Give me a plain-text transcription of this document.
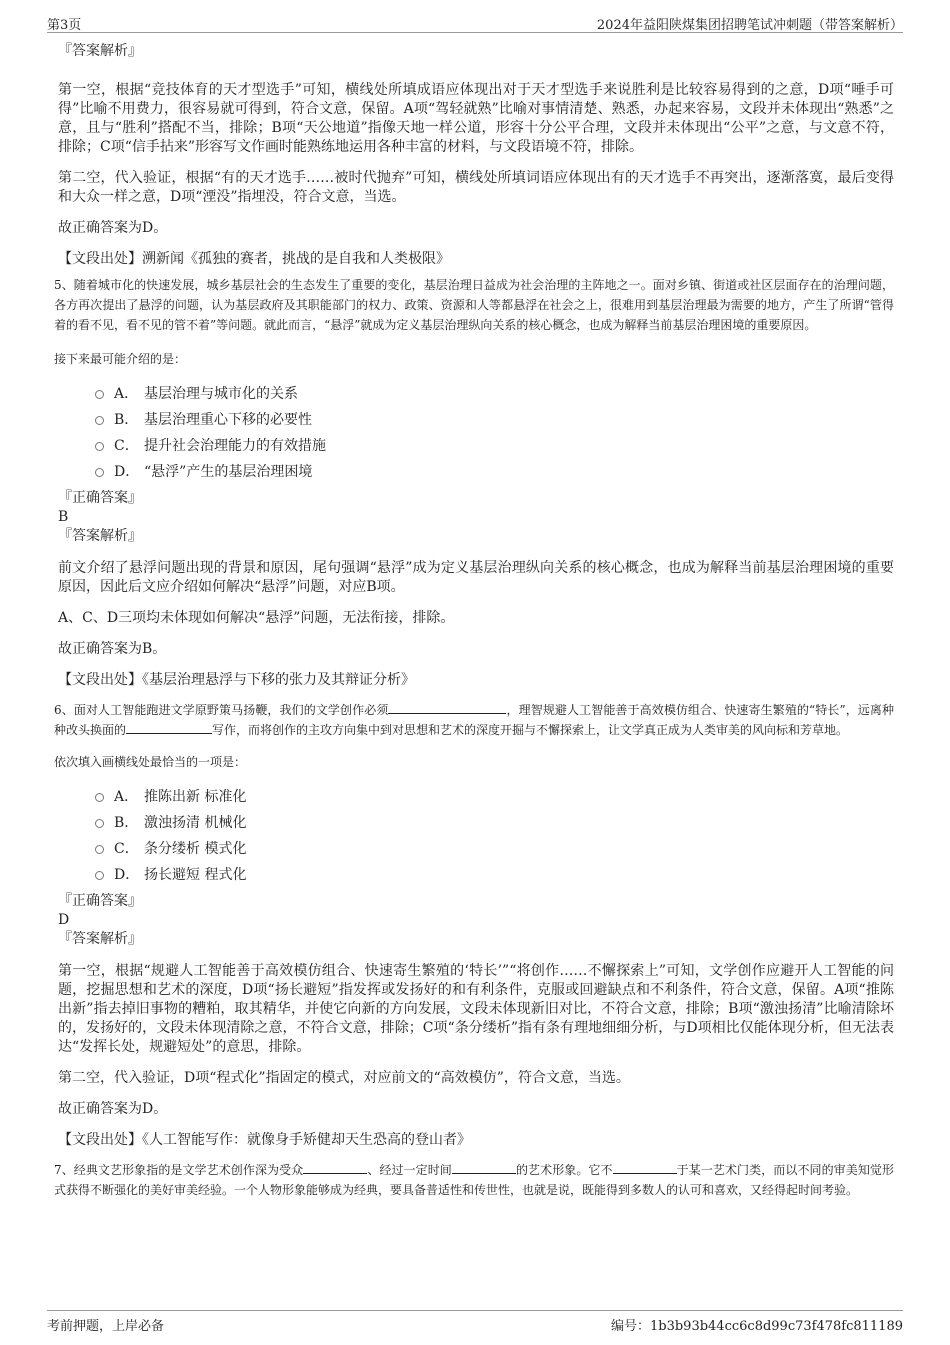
第3页	2024年益阳陕煤集团招聘笔试冲刺题（带答案解析）

『答案解析』

第一空，根据“竞技体育的天才型选手”可知，横线处所填成语应体现出对于天才型选手来说胜利是比较容易得到的之意，D项“唾手可得”比喻不用费力，很容易就可得到，符合文意，保留。A项“驾轻就熟”比喻对事情清楚、熟悉，办起来容易，文段并未体现出“熟悉”之意，且与“胜利”搭配不当，排除；B项“天公地道”指像天地一样公道，形容十分公平合理，文段并未体现出“公平”之意，与文意不符，排除；C项“信手拈来”形容写文作画时能熟练地运用各种丰富的材料，与文段语境不符，排除。

第二空，代入验证，根据“有的天才选手……被时代抛弃”可知，横线处所填词语应体现出有的天才选手不再突出，逐渐落寞，最后变得和大众一样之意，D项“湮没”指埋没，符合文意，当选。

故正确答案为D。

【文段出处】溯新闻《孤独的赛者，挑战的是自我和人类极限》

5、随着城市化的快速发展，城乡基层社会的生态发生了重要的变化，基层治理日益成为社会治理的主阵地之一。面对乡镇、街道或社区层面存在的治理问题，各方再次提出了悬浮的问题，认为基层政府及其职能部门的权力、政策、资源和人等都悬浮在社会之上，很难用到基层治理最为需要的地方，产生了所谓“管得着的看不见，看不见的管不着”等问题。就此而言，“悬浮”就成为定义基层治理纵向关系的核心概念，也成为解释当前基层治理困境的重要原因。

接下来最可能介绍的是：

A． 基层治理与城市化的关系
B． 基层治理重心下移的必要性
C． 提升社会治理能力的有效措施
D． “悬浮”产生的基层治理困境

『正确答案』

B

『答案解析』

前文介绍了悬浮问题出现的背景和原因，尾句强调“悬浮”成为定义基层治理纵向关系的核心概念，也成为解释当前基层治理困境的重要原因，因此后文应介绍如何解决“悬浮”问题，对应B项。

A、C、D三项均未体现如何解决“悬浮”问题，无法衔接，排除。

故正确答案为B。

【文段出处】《基层治理悬浮与下移的张力及其辩证分析》

6、面对人工智能跑进文学原野策马扬鞭，我们的文学创作必须	，理智规避人工智能善于高效模仿组合、快速寄生繁殖的“特长”，远离种种改头换面的	写作，而将创作的主攻方向集中到对思想和艺术的深度开掘与不懈探索上，让文学真正成为人类审美的风向标和芳草地。

依次填入画横线处最恰当的一项是：

A． 推陈出新 标准化
B． 激浊扬清 机械化
C． 条分缕析 模式化
D． 扬长避短 程式化

『正确答案』

D

『答案解析』

第一空，根据“规避人工智能善于高效模仿组合、快速寄生繁殖的‘特长’”“将创作……不懈探索上”可知，文学创作应避开人工智能的问题，挖掘思想和艺术的深度，D项“扬长避短”指发挥或发扬好的和有利条件，克服或回避缺点和不利条件，符合文意，保留。A项“推陈出新”指去掉旧事物的糟粕，取其精华，并使它向新的方向发展，文段未体现新旧对比，不符合文意，排除；B项“激浊扬清”比喻清除坏的，发扬好的，文段未体现清除之意，不符合文意，排除；C项“条分缕析”指有条有理地细细分析，与D项相比仅能体现分析，但无法表达“发挥长处，规避短处”的意思，排除。

第二空，代入验证，D项“程式化”指固定的模式，对应前文的“高效模仿”，符合文意，当选。

故正确答案为D。

【文段出处】《人工智能写作：就像身手矫健却天生恐高的登山者》

7、经典文艺形象指的是文学艺术创作深为受众	、经过一定时间	的艺术形象。它不	于某一艺术门类，而以不同的审美知觉形式获得不断强化的美好审美经验。一个人物形象能够成为经典，要具备普适性和传世性，也就是说，既能得到多数人的认可和喜欢，又经得起时间考验。

考前押题，上岸必备	编号：1b3b93b44cc6c8d99c73f478fc811189
